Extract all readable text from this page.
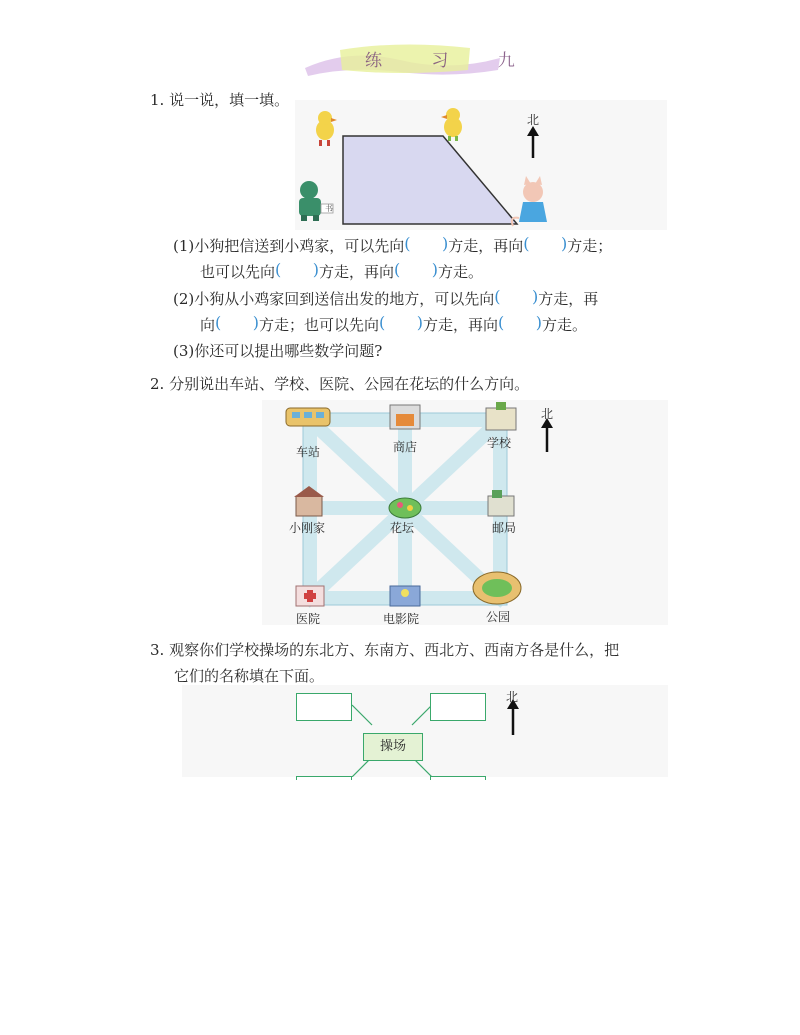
练 习 九
1. 说一说，填一填。
书
北
(1)小狗把信送到小鸡家，可以先向 ( )	方走，再向 ( )	方走；
也可以先向 ( )	方走，再向 ( )	方走。
(2)小狗从小鸡家回到送信出发的地方，可以先向 ( )	方走，再
向 ( )	方走；也可以先向 ( )	方走，再向 ( )	方走。
(3)你还可以提出哪些数学问题?
2. 分别说出车站、学校、医院、公园在花坛的什么方向。
北
车站	商店	学校
小刚家	花坛	邮局
医院	电影院	公园
3. 观察你们学校操场的东北方、东南方、西北方、西南方各是什么，把
它们的名称填在下面。
操场
北
